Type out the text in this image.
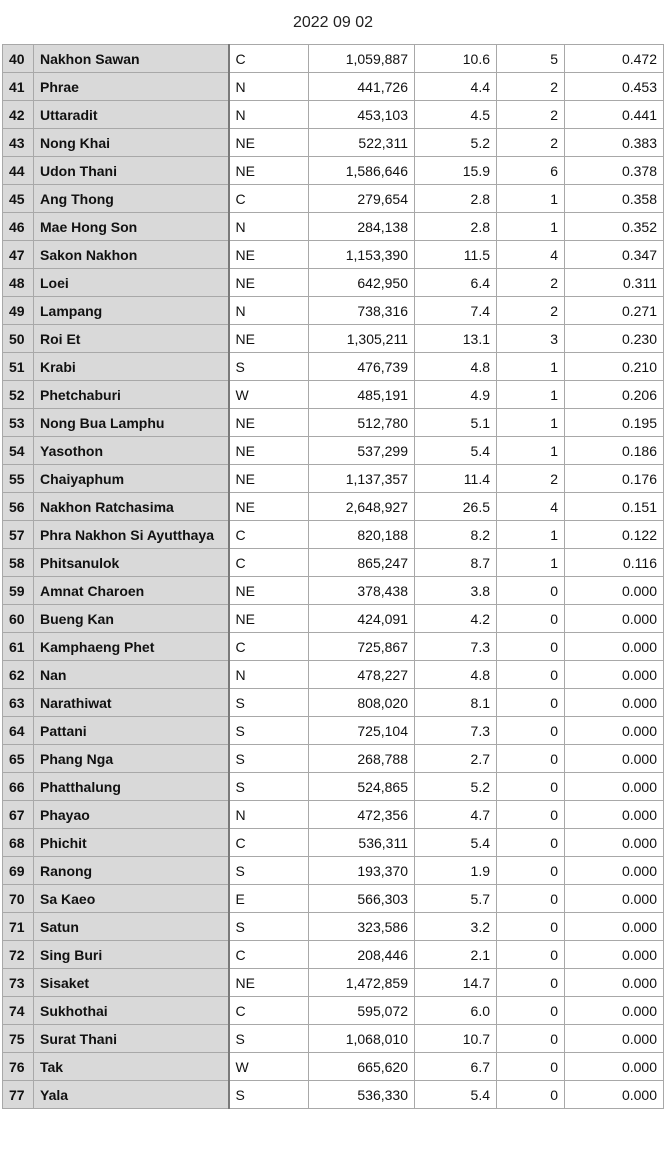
2022 09 02
40	Nakhon Sawan	C	1,059,887	10.6	5	0.472
41	Phrae	N	441,726	4.4	2	0.453
42	Uttaradit	N	453,103	4.5	2	0.441
43	Nong Khai	NE	522,311	5.2	2	0.383
44	Udon Thani	NE	1,586,646	15.9	6	0.378
45	Ang Thong	C	279,654	2.8	1	0.358
46	Mae Hong Son	N	284,138	2.8	1	0.352
47	Sakon Nakhon	NE	1,153,390	11.5	4	0.347
48	Loei	NE	642,950	6.4	2	0.311
49	Lampang	N	738,316	7.4	2	0.271
50	Roi Et	NE	1,305,211	13.1	3	0.230
51	Krabi	S	476,739	4.8	1	0.210
52	Phetchaburi	W	485,191	4.9	1	0.206
53	Nong Bua Lamphu	NE	512,780	5.1	1	0.195
54	Yasothon	NE	537,299	5.4	1	0.186
55	Chaiyaphum	NE	1,137,357	11.4	2	0.176
56	Nakhon Ratchasima	NE	2,648,927	26.5	4	0.151
57	Phra Nakhon Si Ayutthaya	C	820,188	8.2	1	0.122
58	Phitsanulok	C	865,247	8.7	1	0.116
59	Amnat Charoen	NE	378,438	3.8	0	0.000
60	Bueng Kan	NE	424,091	4.2	0	0.000
61	Kamphaeng Phet	C	725,867	7.3	0	0.000
62	Nan	N	478,227	4.8	0	0.000
63	Narathiwat	S	808,020	8.1	0	0.000
64	Pattani	S	725,104	7.3	0	0.000
65	Phang Nga	S	268,788	2.7	0	0.000
66	Phatthalung	S	524,865	5.2	0	0.000
67	Phayao	N	472,356	4.7	0	0.000
68	Phichit	C	536,311	5.4	0	0.000
69	Ranong	S	193,370	1.9	0	0.000
70	Sa Kaeo	E	566,303	5.7	0	0.000
71	Satun	S	323,586	3.2	0	0.000
72	Sing Buri	C	208,446	2.1	0	0.000
73	Sisaket	NE	1,472,859	14.7	0	0.000
74	Sukhothai	C	595,072	6.0	0	0.000
75	Surat Thani	S	1,068,010	10.7	0	0.000
76	Tak	W	665,620	6.7	0	0.000
77	Yala	S	536,330	5.4	0	0.000
